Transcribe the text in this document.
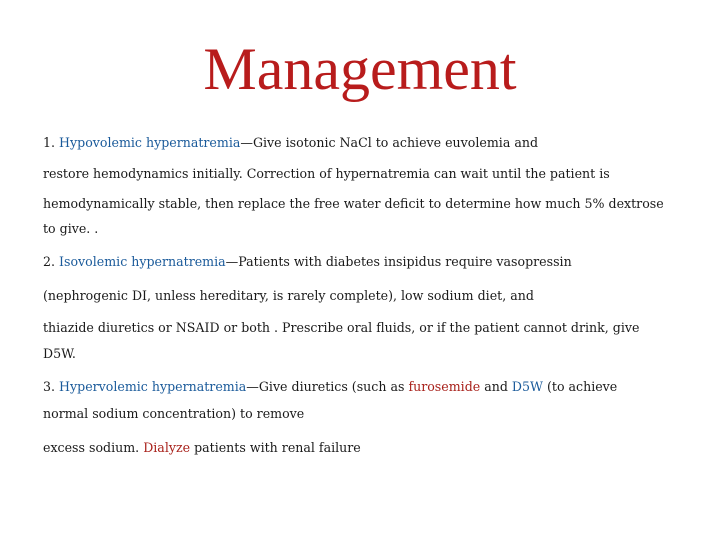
Management
1. Hypovolemic hypernatremia—Give isotonic NaCl to achieve euvolemia and
restore hemodynamics initially. Correction of hypernatremia can wait until the patient is
hemodynamically stable, then replace the free water deficit to determine how much 5% dextrose
to give. .
2. Isovolemic hypernatremia—Patients with diabetes insipidus require vasopressin
(nephrogenic DI, unless hereditary, is rarely complete), low sodium diet, and
thiazide diuretics or NSAID or both . Prescribe oral fluids, or if the patient cannot drink, give
D5W.
3. Hypervolemic hypernatremia—Give diuretics (such as furosemide and D5W (to achieve
normal sodium concentration) to remove
excess sodium. Dialyze patients with renal failure
